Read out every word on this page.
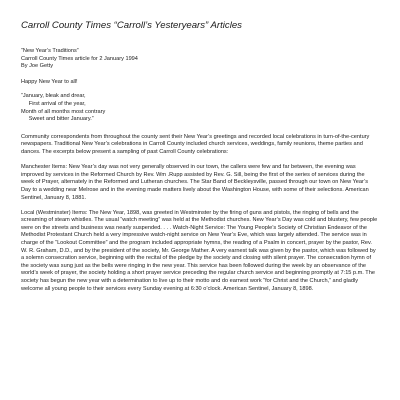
Carroll County Times “Carroll’s Yesteryears” Articles

“New Year’s Traditions”

Carroll County Times article for 2 January 1994

By Joe Getty

Happy New Year to all!

“January, bleak and drear,

First arrival of the year,

Month of all months most contrary

Sweet and bitter January.”

Community correspondents from throughout the county sent their New Year’s greetings and recorded local celebrations in turn-of-the-century newspapers. Traditional New Year’s celebrations in Carroll County included church services, weddings, family reunions, theme parties and dances. The excerpts below present a sampling of past Carroll County celebrations:

Manchester Items: New Year’s day was not very generally observed in our town, the callers were few and far between, the evening was improved by services in the Reformed Church by Rev. Wm .Rupp assisted by Rev. G. Sill, being the first of the series of services during the week of Prayer, alternately in the Reformed and Lutheran churches. The Star Band of Beckleysville, passed through our town on New Year’s Day to a wedding near Melrose and in the evening made matters lively about the Washington House, with some of their selections. American Sentinel, January 8, 1881.

Local (Westminster) Items: The New Year, 1898, was greeted in Westminster by the firing of guns and pistols, the ringing of bells and the screaming of steam whistles. The usual “watch meeting” was held at the Methodist churches. New Year’s Day was cold and blustery, few people were on the streets and business was nearly suspended. . . . Watch-Night Service: The Young People’s Society of Christian Endeavor of the Methodist Protestant Church held a very impressive watch-night service on New Year’s Eve, which was largely attended. The service was in charge of the “Lookout Committee” and the program included appropriate hymns, the reading of a Psalm in concert, prayer by the pastor, Rev. W. R. Graham, D.D., and by the president of the society, Mr. George Mather. A very earnest talk was given by the pastor, which was followed by a solemn consecration service, beginning with the recital of the pledge by the society and closing with silent prayer. The consecration hymn of the society was sung just as the bells were ringing in the new year. This service has been followed during the week by an observance of the world’s week of prayer, the society holding a short prayer service preceding the regular church service and beginning promptly at 7:15 p.m. The society has begun the new year with a determination to live up to their motto and do earnest work “for Christ and the Church,” and gladly welcome all young people to their services every Sunday evening at 6:30 o’clock. American Sentinel, January 8, 1898.
